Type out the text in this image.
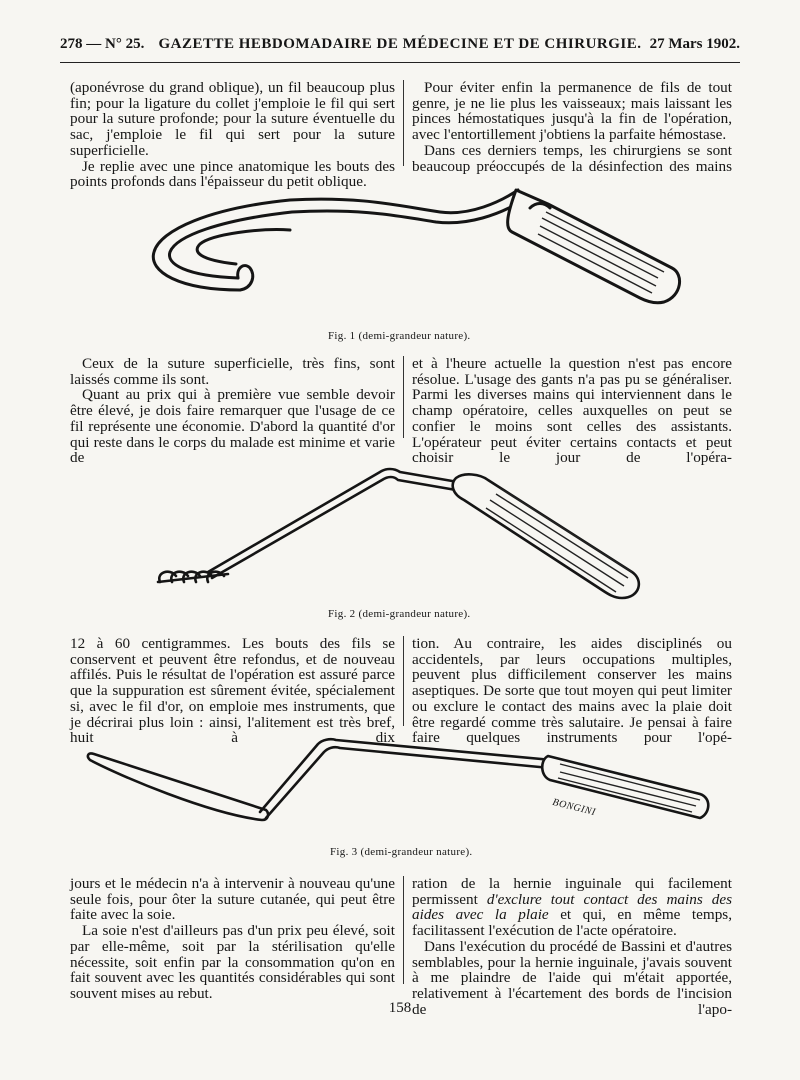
278 — N° 25. GAZETTE HEBDOMADAIRE DE MÉDECINE ET DE CHIRURGIE. 27 Mars 1902.

(aponévrose du grand oblique), un fil beaucoup plus fin; pour la ligature du collet j'emploie le fil qui sert pour la suture profonde; pour la suture éventuelle du sac, j'emploie le fil qui sert pour la suture superficielle.

Je replie avec une pince anatomique les bouts des points profonds dans l'épaisseur du petit oblique.

Pour éviter enfin la permanence de fils de tout genre, je ne lie plus les vaisseaux; mais laissant les pinces hémostatiques jusqu'à la fin de l'opération, avec l'entortillement j'obtiens la parfaite hémostase.

Dans ces derniers temps, les chirurgiens se sont beaucoup préoccupés de la désinfection des mains

Fig. 1 (demi-grandeur nature).

Ceux de la suture superficielle, très fins, sont laissés comme ils sont.

Quant au prix qui à première vue semble devoir être élevé, je dois faire remarquer que l'usage de ce fil représente une économie. D'abord la quantité d'or qui reste dans le corps du malade est minime et varie de

et à l'heure actuelle la question n'est pas encore résolue. L'usage des gants n'a pas pu se généraliser. Parmi les diverses mains qui interviennent dans le champ opératoire, celles auxquelles on peut se confier le moins sont celles des assistants. L'opérateur peut éviter certains contacts et peut choisir le jour de l'opéra-

Fig. 2 (demi-grandeur nature).

12 à 60 centigrammes. Les bouts des fils se conservent et peuvent être refondus, et de nouveau affilés. Puis le résultat de l'opération est assuré parce que la suppuration est sûrement évitée, spécialement si, avec le fil d'or, on emploie mes instruments, que je décrirai plus loin : ainsi, l'alitement est très bref, huit à dix

tion. Au contraire, les aides disciplinés ou accidentels, par leurs occupations multiples, peuvent plus difficilement conserver les mains aseptiques. De sorte que tout moyen qui peut limiter ou exclure le contact des mains avec la plaie doit être regardé comme très salutaire. Je pensai à faire faire quelques instruments pour l'opé-

BONGINI
Fig. 3 (demi-grandeur nature).

jours et le médecin n'a à intervenir à nouveau qu'une seule fois, pour ôter la suture cutanée, qui peut être faite avec la soie.

La soie n'est d'ailleurs pas d'un prix peu élevé, soit par elle-même, soit par la stérilisation qu'elle nécessite, soit enfin par la consommation qu'on en fait souvent avec les quantités considérables qui sont souvent mises au rebut.

ration de la hernie inguinale qui facilement permissent d'exclure tout contact des mains des aides avec la plaie et qui, en même temps, facilitassent l'exécution de l'acte opératoire.

Dans l'exécution du procédé de Bassini et d'autres semblables, pour la hernie inguinale, j'avais souvent à me plaindre de l'aide qui m'était apportée, relativement à l'écartement des bords de l'incision de l'apo-

158
